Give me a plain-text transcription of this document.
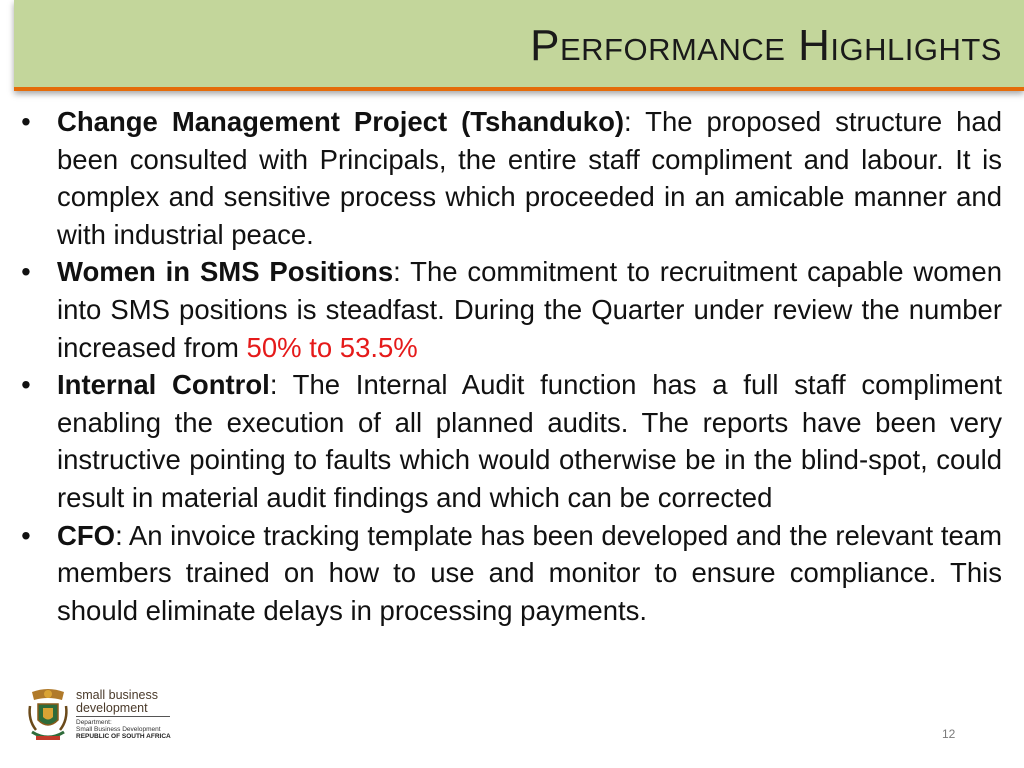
Performance Highlights
• Change Management Project (Tshanduko): The proposed structure had been consulted with Principals, the entire staff compliment and labour. It is complex and sensitive process which proceeded in an amicable manner and with industrial peace.
• Women in SMS Positions: The commitment to recruitment capable women into SMS positions is steadfast. During the Quarter under review the number increased from 50% to 53.5%
• Internal Control: The Internal Audit function has a full staff compliment enabling the execution of all planned audits. The reports have been very instructive pointing to faults which would otherwise be in the blind-spot, could result in material audit findings and which can be corrected
• CFO: An invoice tracking template has been developed and the relevant team members trained on how to use and monitor to ensure compliance. This should eliminate delays in processing payments.
small business
development
Department:
Small Business Development
REPUBLIC OF SOUTH AFRICA	12
